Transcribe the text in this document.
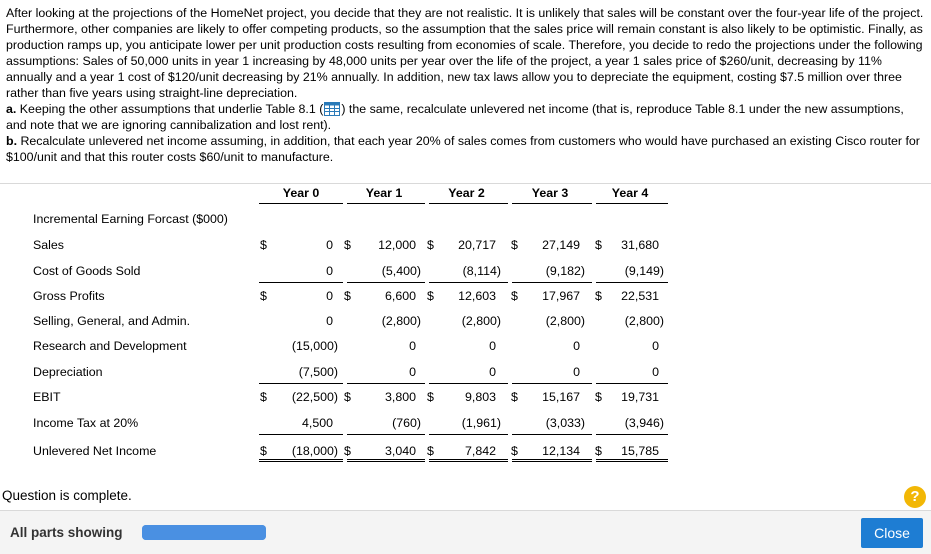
After looking at the projections of the HomeNet project, you decide that they are not realistic. It is unlikely that sales will be constant over the four-year life of the project. Furthermore, other companies are likely to offer competing products, so the assumption that the sales price will remain constant is also likely to be optimistic. Finally, as production ramps up, you anticipate lower per unit production costs resulting from economies of scale. Therefore, you decide to redo the projections under the following assumptions: Sales of 50,000 units in year 1 increasing by 48,000 units per year over the life of the project, a year 1 sales price of $260/unit, decreasing by 11% annually and a year 1 cost of $120/unit decreasing by 21% annually. In addition, new tax laws allow you to depreciate the equipment, costing $7.5 million over three rather than five years using straight-line depreciation.

a. Keeping the other assumptions that underlie Table 8.1 ( ) the same, recalculate unlevered net income (that is, reproduce Table 8.1 under the new assumptions, and note that we are ignoring cannibalization and lost rent).

b. Recalculate unlevered net income assuming, in addition, that each year 20% of sales comes from customers who would have purchased an existing Cisco router for $100/unit and that this router costs $60/unit to manufacture.

Year 0	Year 1	Year 2	Year 3	Year 4
Incremental Earning Forcast ($000)
Sales	$	0 $ 12,000 $ 20,717 $ 27,149 $ 31,680
Cost of Goods Sold	0	(5,400)	(8,114)	(9,182)	(9,149)
Gross Profits	$	0 $	6,600 $ 12,603 $ 17,967 $ 22,531
Selling, General, and Admin.	0	(2,800)	(2,800)	(2,800)	(2,800)
Research and Development	(15,000)	0	0	0	0
Depreciation	(7,500)	0	0	0	0
EBIT	$ (22,500) $	3,800 $	9,803 $ 15,167 $ 19,731
Income Tax at 20%	4,500	(760)	(1,961)	(3,033)	(3,946)
Unlevered Net Income	$ (18,000) $	3,040 $	7,842 $ 12,134 $ 15,785
Question is complete.	?
All parts showing	Close
